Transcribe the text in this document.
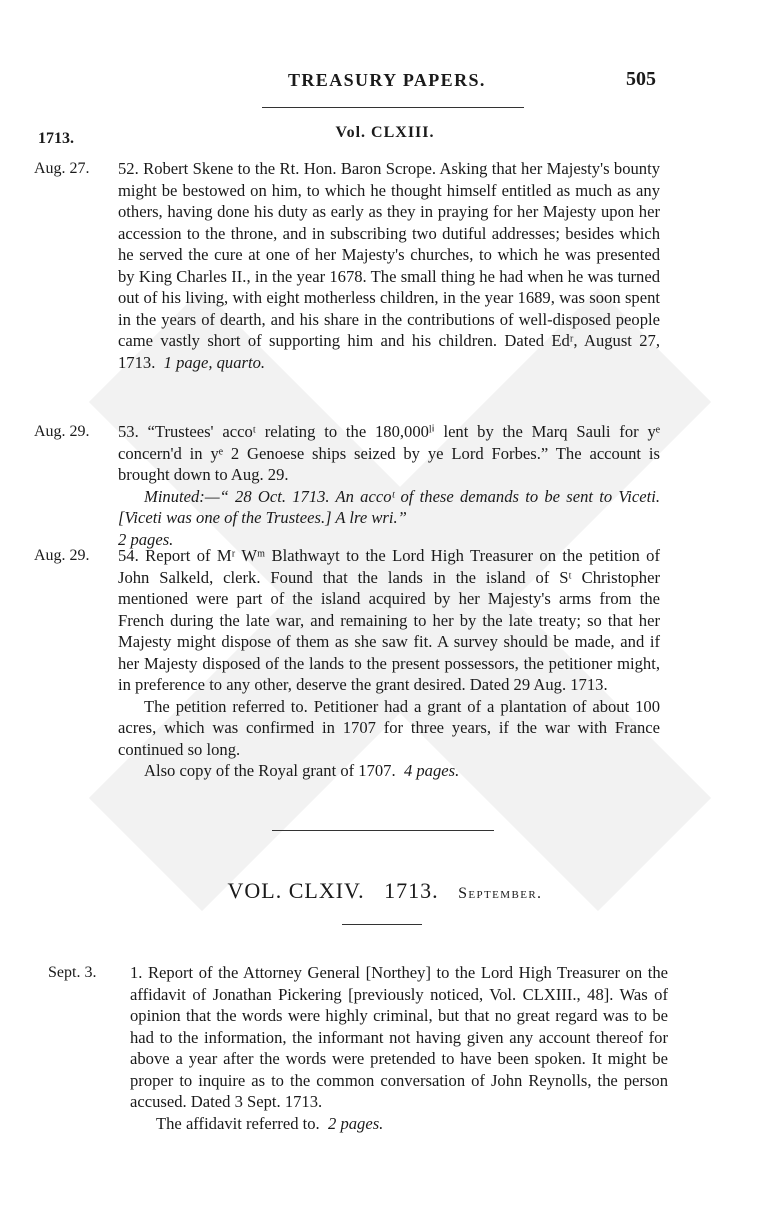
TREASURY PAPERS.	505
Vol. CLXIII.
1713.
Aug. 27. 52. Robert Skene to the Rt. Hon. Baron Scrope. Asking that her Majesty's bounty might be bestowed on him, to which he thought himself entitled as much as any others, having done his duty as early as they in praying for her Majesty upon her accession to the throne, and in subscribing two dutiful addresses; besides which he served the cure at one of her Majesty's churches, to which he was presented by King Charles II., in the year 1678. The small thing he had when he was turned out of his living, with eight motherless children, in the year 1689, was soon spent in the years of dearth, and his share in the contributions of well-disposed people came vastly short of supporting him and his children. Dated Edʳ, August 27, 1713. 1 page, quarto.

Aug. 29. 53. “Trustees' accoᵗ relating to the 180,000ˡⁱ lent by the Marq Sauli for yᵉ concern'd in yᵉ 2 Genoese ships seized by ye Lord Forbes.” The account is brought down to Aug. 29.

Minuted:—“ 28 Oct. 1713. An accoᵗ of these demands to be sent to Viceti. [Viceti was one of the Trustees.] A lre wri.”
2 pages.

Aug. 29. 54. Report of Mʳ Wᵐ Blathwayt to the Lord High Treasurer on the petition of John Salkeld, clerk. Found that the lands in the island of Sᵗ Christopher mentioned were part of the island acquired by her Majesty's arms from the French during the late war, and remaining to her by the late treaty; so that her Majesty might dispose of them as she saw fit. A survey should be made, and if her Majesty disposed of the lands to the present possessors, the petitioner might, in preference to any other, deserve the grant desired. Dated 29 Aug. 1713.

The petition referred to. Petitioner had a grant of a plantation of about 100 acres, which was confirmed in 1707 for three years, if the war with France continued so long.

Also copy of the Royal grant of 1707. 4 pages.

VOL. CLXIV. 1713. September.
Sept. 3. 1. Report of the Attorney General [Northey] to the Lord High Treasurer on the affidavit of Jonathan Pickering [previously noticed, Vol. CLXIII., 48]. Was of opinion that the words were highly criminal, but that no great regard was to be had to the information, the informant not having given any account thereof for above a year after the words were pretended to have been spoken. It might be proper to inquire as to the common conversation of John Reynolls, the person accused. Dated 3 Sept. 1713.

The affidavit referred to. 2 pages.
